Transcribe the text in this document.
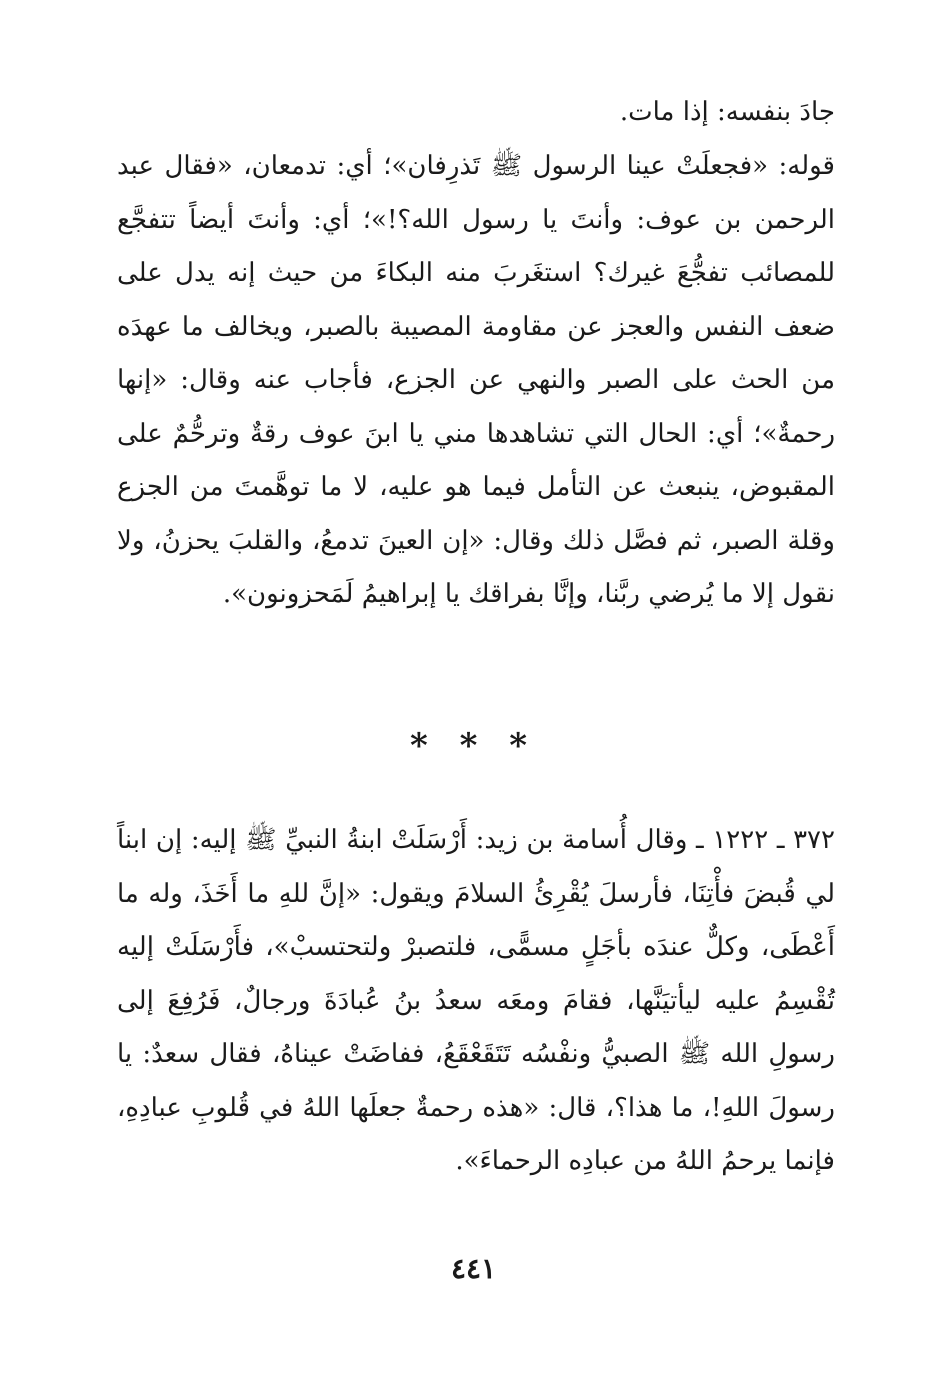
جادَ بنفسه: إذا مات.

قوله: «فجعلَتْ عينا الرسول ﷺ تَذرِفان»؛ أي: تدمعان، «فقال عبد الرحمن بن عوف: وأنتَ يا رسول الله؟!»؛ أي: وأنتَ أيضاً تتفجَّع للمصائب تفجُّعَ غيرك؟ استغَربَ منه البكاءَ من حيث إنه يدل على ضعف النفس والعجز عن مقاومة المصيبة بالصبر، ويخالف ما عهدَه من الحث على الصبر والنهي عن الجزع، فأجاب عنه وقال: «إنها رحمةٌ»؛ أي: الحال التي تشاهدها مني يا ابنَ عوف رقةٌ وترحُّمٌ على المقبوض، ينبعث عن التأمل فيما هو عليه، لا ما توهَّمتَ من الجزع وقلة الصبر، ثم فصَّل ذلك وقال: «إن العينَ تدمعُ، والقلبَ يحزنُ، ولا نقول إلا ما يُرضي ربَّنا، وإنَّا بفراقك يا إبراهيمُ لَمَحزونون».

* * *

٣٧٢ ـ ١٢٢٢ ـ وقال أُسامة بن زيد: أَرْسَلَتْ ابنةُ النبيِّ ﷺ إليه: إن ابناً لي قُبضَ فأْتِنَا، فأرسلَ يُقْرِئُ السلامَ ويقول: «إنَّ للهِ ما أَخَذَ، وله ما أَعْطَى، وكلٌّ عندَه بأجَلٍ مسمًّى، فلتصبرْ ولتحتسبْ»، فأَرْسَلَتْ إليه تُقْسِمُ عليه ليأتيَنَّها، فقامَ ومعَه سعدُ بنُ عُبادَةَ ورجالٌ، فَرُفِعَ إلى رسولِ الله ﷺ الصبيُّ ونفْسُه تَتَقَعْقَعُ، ففاضَتْ عيناهُ، فقال سعدٌ: يا رسولَ اللهِ!، ما هذا؟، قال: «هذه رحمةٌ جعلَها اللهُ في قُلوبِ عبادِهِ، فإنما يرحمُ اللهُ من عبادِه الرحماءَ».

٤٤١
